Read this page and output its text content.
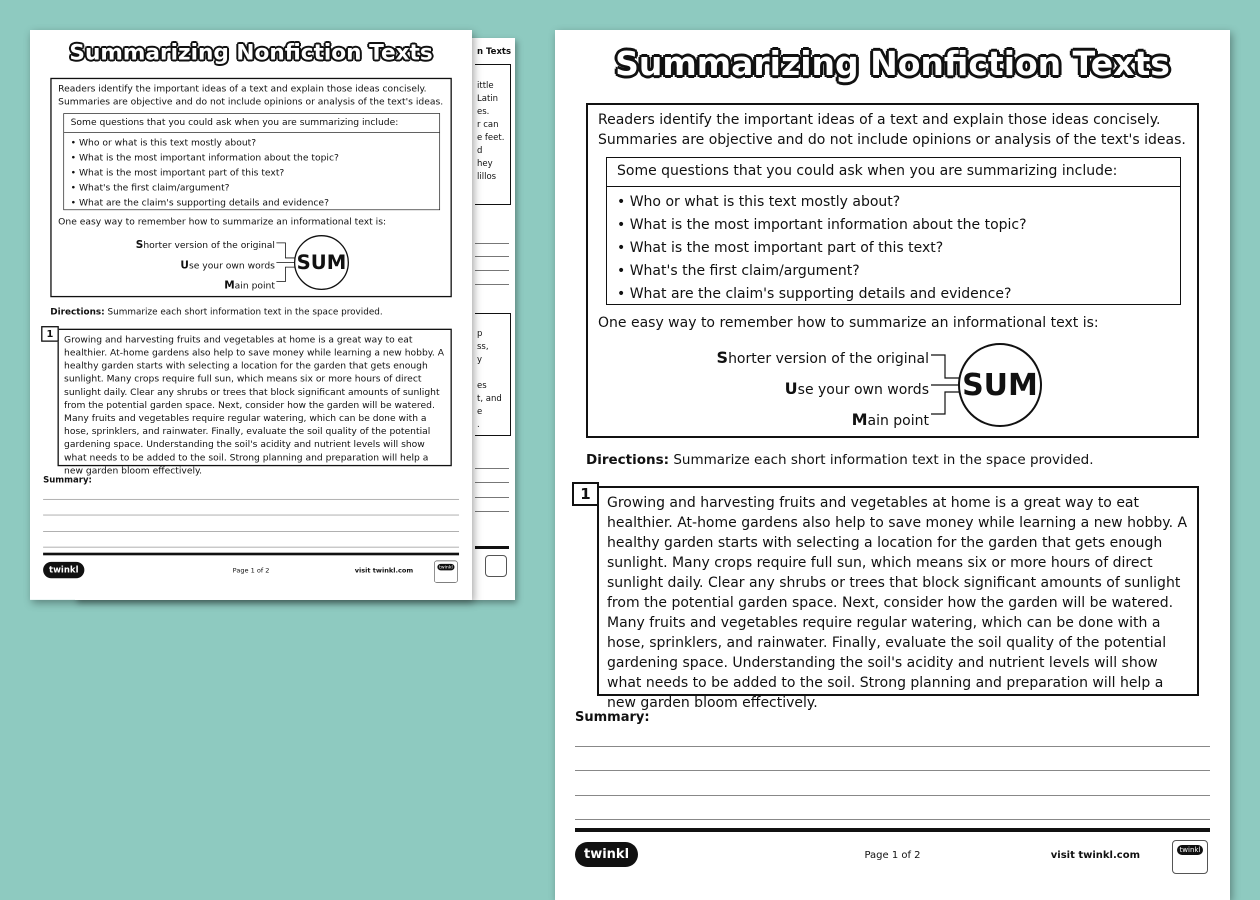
n Texts
ittle
Latin
es.
r can
e feet.
d
hey
lillos
p
ss,
y

es
t, and
e
.
Summarizing Nonfiction Texts
Readers identify the important ideas of a text and explain those ideas concisely. Summaries are objective and do not include opinions or analysis of the text's ideas.
Some questions that you could ask when you are summarizing include:
• Who or what is this text mostly about?
• What is the most important information about the topic?
• What is the most important part of this text?
• What's the first claim/argument?
• What are the claim's supporting details and evidence?
One easy way to remember how to summarize an informational text is:
Shorter version of the original
Use your own words
Main point
SUM
Directions: Summarize each short information text in the space provided.
Growing and harvesting fruits and vegetables at home is a great way to eat healthier. At-home gardens also help to save money while learning a new hobby. A healthy garden starts with selecting a location for the garden that gets enough sunlight. Many crops require full sun, which means six or more hours of direct sunlight daily. Clear any shrubs or trees that block significant amounts of sunlight from the potential garden space. Next, consider how the garden will be watered. Many fruits and vegetables require regular watering, which can be done with a hose, sprinklers, and rainwater. Finally, evaluate the soil quality of the potential gardening space. Understanding the soil's acidity and nutrient levels will show what needs to be added to the soil. Strong planning and preparation will help a new garden bloom effectively.
1
Summary:
twinkl	Page 1 of 2	visit twinkl.com	twinkl
Summarizing Nonfiction Texts
Readers identify the important ideas of a text and explain those ideas concisely. Summaries are objective and do not include opinions or analysis of the text's ideas.
Some questions that you could ask when you are summarizing include:
• Who or what is this text mostly about?
• What is the most important information about the topic?
• What is the most important part of this text?
• What's the first claim/argument?
• What are the claim's supporting details and evidence?
One easy way to remember how to summarize an informational text is:
Shorter version of the original
Use your own words
Main point
SUM
Directions: Summarize each short information text in the space provided.
Growing and harvesting fruits and vegetables at home is a great way to eat healthier. At-home gardens also help to save money while learning a new hobby. A healthy garden starts with selecting a location for the garden that gets enough sunlight. Many crops require full sun, which means six or more hours of direct sunlight daily. Clear any shrubs or trees that block significant amounts of sunlight from the potential garden space. Next, consider how the garden will be watered. Many fruits and vegetables require regular watering, which can be done with a hose, sprinklers, and rainwater. Finally, evaluate the soil quality of the potential gardening space. Understanding the soil's acidity and nutrient levels will show what needs to be added to the soil. Strong planning and preparation will help a new garden bloom effectively.
1
Summary:
twinkl	Page 1 of 2	visit twinkl.com	twinkl
